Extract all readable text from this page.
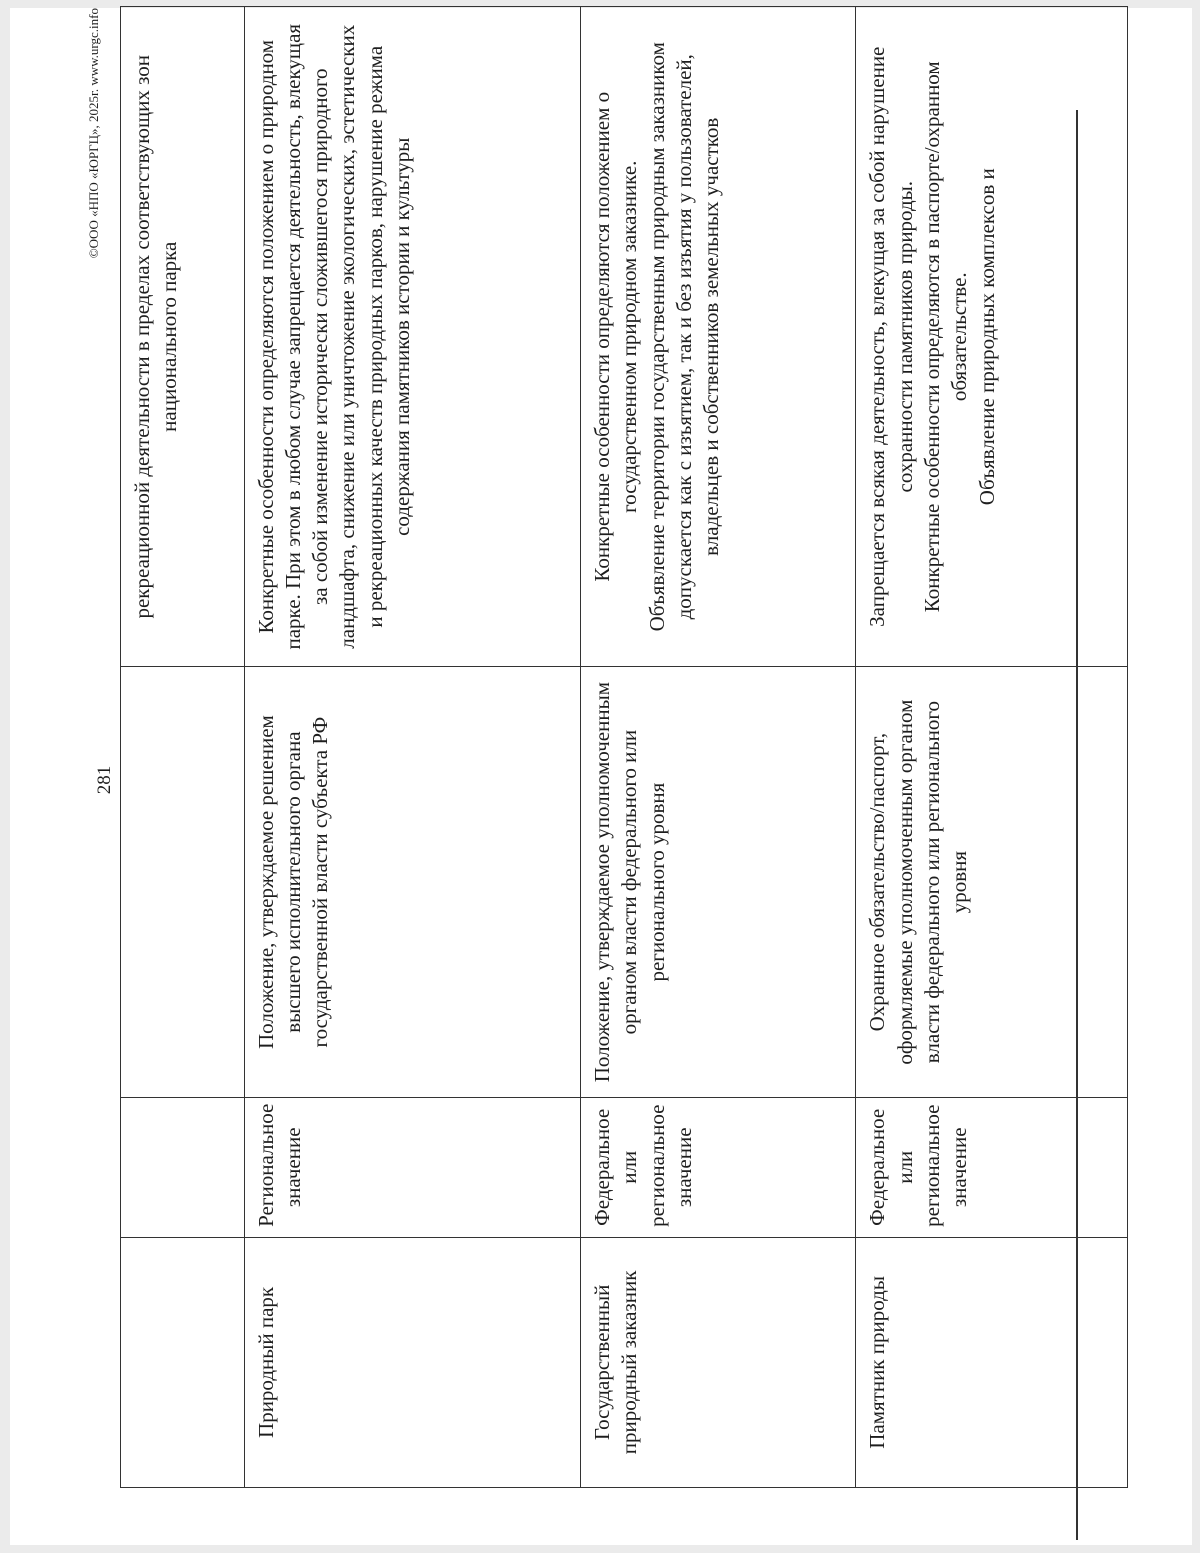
281
			рекреационной деятельности в пределах соответствующих зон национального парка
Природный парк	Региональное значение	Положение, утверждаемое решением высшего исполнительного органа государственной власти субъекта РФ	Конкретные особенности определяются положением о природном парке. При этом в любом случае запрещается деятельность, влекущая за собой изменение исторически сложившегося природного ландшафта, снижение или уничтожение экологических, эстетических и рекреационных качеств природных парков, нарушение режима содержания памятников истории и культуры

Государственный природный заказник	Федеральное или региональное значение	Положение, утверждаемое уполномоченным органом власти федерального или регионального уровня	Конкретные особенности определяются положением о государственном природном заказнике. Объявление территории государственным природным заказником допускается как с изъятием, так и без изъятия у пользователей, владельцев и собственников земельных участков

Памятник природы	Федеральное или региональное значение	Охранное обязательство/паспорт, оформляемые уполномоченным органом власти федерального или регионального уровня	Запрещается всякая деятельность, влекущая за собой нарушение сохранности памятников природы. Конкретные особенности определяются в паспорте/охранном обязательстве. Объявление природных комплексов и

©ООО «НПО «ЮРГЦ», 2025г. www.urgc.info
